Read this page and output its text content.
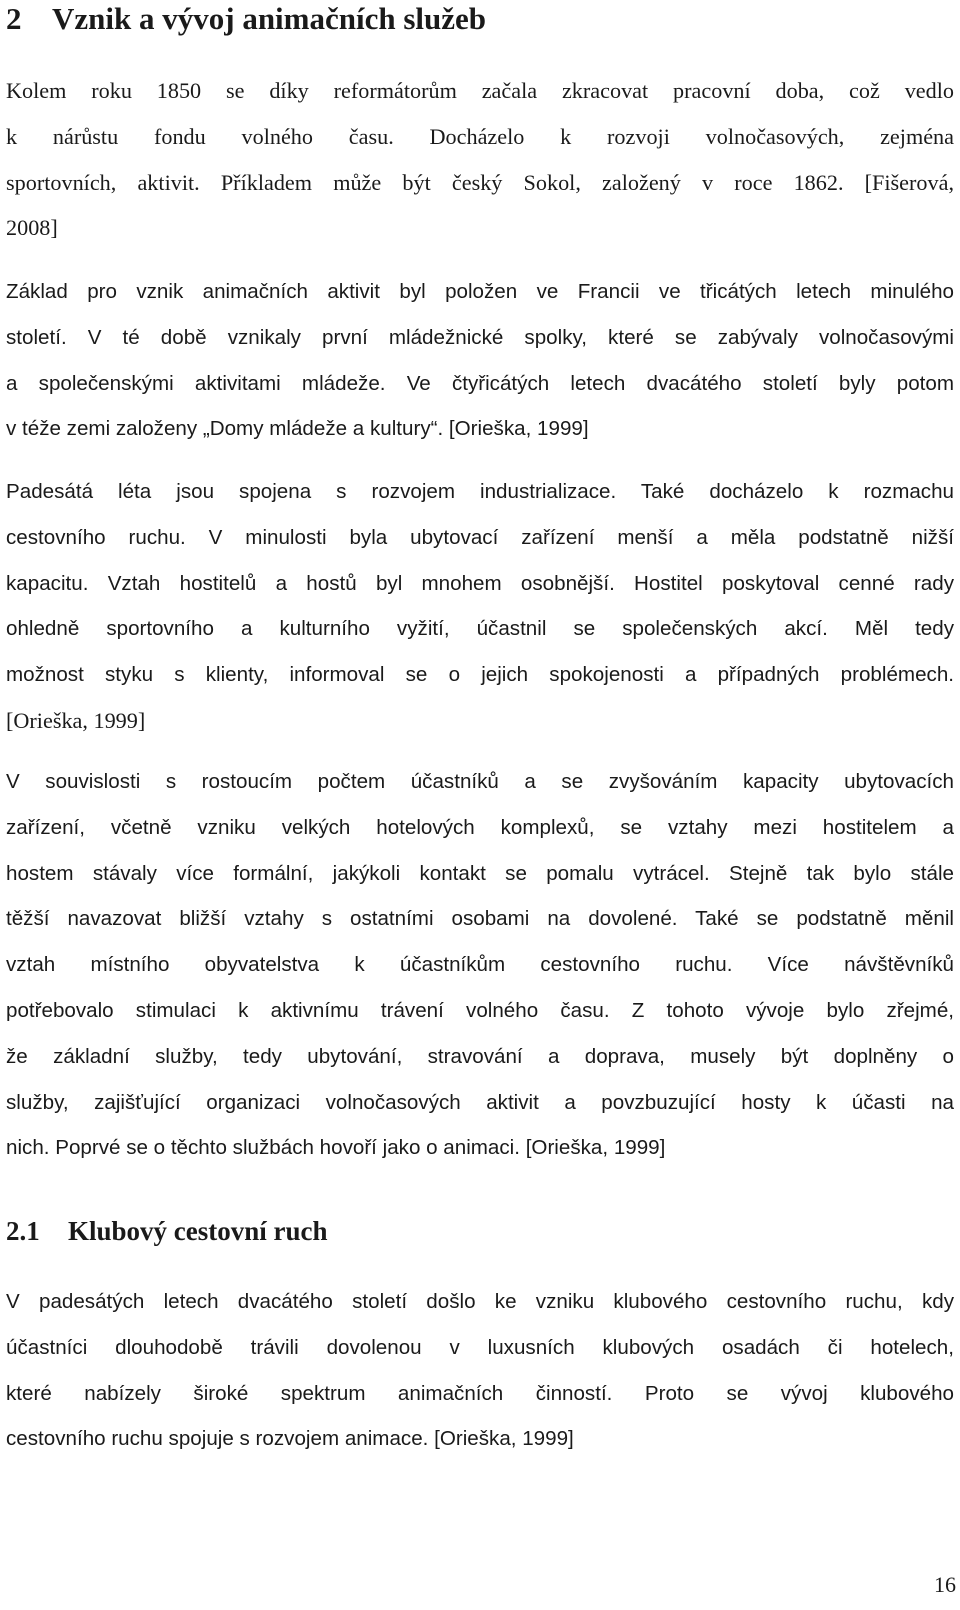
2 Vznik a vývoj animačních služeb
Kolem roku 1850 se díky reformátorům začala zkracovat pracovní doba, což vedlo
k nárůstu fondu volného času. Docházelo k rozvoji volnočasových, zejména
sportovních, aktivit. Příkladem může být český Sokol, založený v roce 1862. [Fišerová,
2008]
Základ pro vznik animačních aktivit byl položen ve Francii ve třicátých letech minulého
století. V té době vznikaly první mládežnické spolky, které se zabývaly volnočasovými
a společenskými aktivitami mládeže. Ve čtyřicátých letech dvacátého století byly potom
v téže zemi založeny „Domy mládeže a kultury“. [Orieška, 1999]
Padesátá léta jsou spojena s rozvojem industrializace. Také docházelo k rozmachu
cestovního ruchu. V minulosti byla ubytovací zařízení menší a měla podstatně nižší
kapacitu. Vztah hostitelů a hostů byl mnohem osobnější. Hostitel poskytoval cenné rady
ohledně sportovního a kulturního vyžití, účastnil se společenských akcí. Měl tedy
možnost styku s klienty, informoval se o jejich spokojenosti a případných problémech.
[Orieška, 1999]
V souvislosti s rostoucím počtem účastníků a se zvyšováním kapacity ubytovacích
zařízení, včetně vzniku velkých hotelových komplexů, se vztahy mezi hostitelem a
hostem stávaly více formální, jakýkoli kontakt se pomalu vytrácel. Stejně tak bylo stále
těžší navazovat bližší vztahy s ostatními osobami na dovolené. Také se podstatně měnil
vztah místního obyvatelstva k účastníkům cestovního ruchu. Více návštěvníků
potřebovalo stimulaci k aktivnímu trávení volného času. Z tohoto vývoje bylo zřejmé,
že základní služby, tedy ubytování, stravování a doprava, musely být doplněny o
služby, zajišťující organizaci volnočasových aktivit a povzbuzující hosty k účasti na
nich. Poprvé se o těchto službách hovoří jako o animaci. [Orieška, 1999]
2.1 Klubový cestovní ruch
V padesátých letech dvacátého století došlo ke vzniku klubového cestovního ruchu, kdy
účastníci dlouhodobě trávili dovolenou v luxusních klubových osadách či hotelech,
které nabízely široké spektrum animačních činností. Proto se vývoj klubového
cestovního ruchu spojuje s rozvojem animace. [Orieška, 1999]
16
